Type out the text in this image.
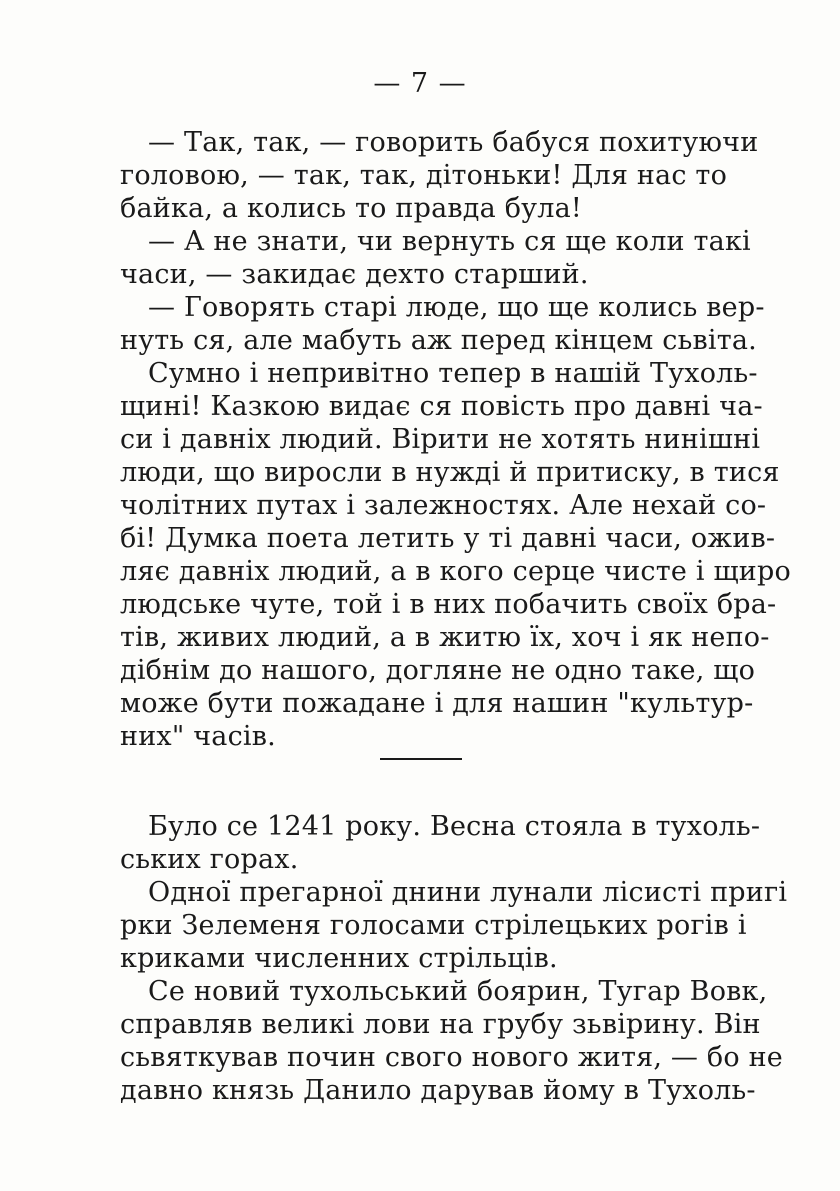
— 7 —
— Так, так, — говорить бабуся похитуючи
головою, — так, так, дітоньки! Для нас то
байка, а колись то правда була!
— А не знати, чи вернуть ся ще коли такі
часи, — закидає дехто старший.
— Говорять старі люде, що ще колись вер-
нуть ся, але мабуть аж перед кінцем сьвіта.
Сумно і непривітно тепер в нашій Тухоль-
щині! Казкою видає ся повість про давні ча-
си і давніх людий. Вірити не хотять нинішні
люди, що виросли в нужді й притиску, в тися
чолітних путах і залежностях. Але нехай со-
бі! Думка поета летить у ті давні часи, ожив-
ляє давніх людий, а в кого серце чисте і щиро
людське чуте, той і в них побачить своїх бра-
тів, живих людий, а в житю їх, хоч і як непо-
дібнім до нашого, догляне не одно таке, що
може бути пожадане і для нашин "культур-
них" часів.
Було се 1241 року. Весна стояла в тухоль-
ських горах.
Одної прегарної днини лунали лісисті пригі
рки Зелеменя голосами стрілецьких рогів і
криками численних стрільців.
Се новий тухольський боярин, Тугар Вовк,
справляв великі лови на грубу зьвірину. Він
сьвяткував почин свого нового житя, — бо не
давно князь Данило дарував йому в Тухоль-
